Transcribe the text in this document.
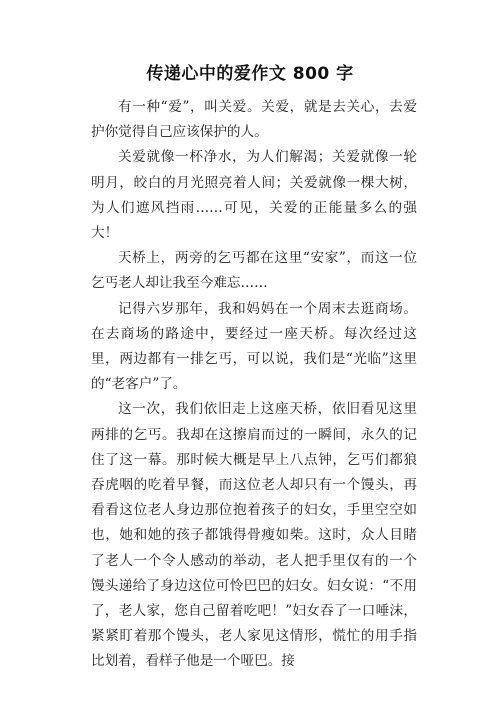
传递心中的爱作文 800 字

有一种“爱”，叫关爱。关爱，就是去关心，去爱护你觉得自己应该保护的人。

关爱就像一杯净水，为人们解渴；关爱就像一轮明月，皎白的月光照亮着人间；关爱就像一棵大树，为人们遮风挡雨……可见，关爱的正能量多么的强大！

天桥上，两旁的乞丐都在这里“安家”，而这一位乞丐老人却让我至今难忘……

记得六岁那年，我和妈妈在一个周末去逛商场。在去商场的路途中，要经过一座天桥。每次经过这里，两边都有一排乞丐，可以说，我们是“光临”这里的“老客户”了。

这一次，我们依旧走上这座天桥，依旧看见这里两排的乞丐。我却在这擦肩而过的一瞬间，永久的记住了这一幕。那时候大概是早上八点钟，乞丐们都狼吞虎咽的吃着早餐，而这位老人却只有一个馒头，再看看这位老人身边那位抱着孩子的妇女，手里空空如也，她和她的孩子都饿得骨瘦如柴。这时，众人目睹了老人一个令人感动的举动，老人把手里仅有的一个馒头递给了身边这位可怜巴巴的妇女。妇女说：“不用了，老人家，您自己留着吃吧！”妇女吞了一口唾沫，紧紧盯着那个馒头，老人家见这情形，慌忙的用手指比划着，看样子他是一个哑巴。接
